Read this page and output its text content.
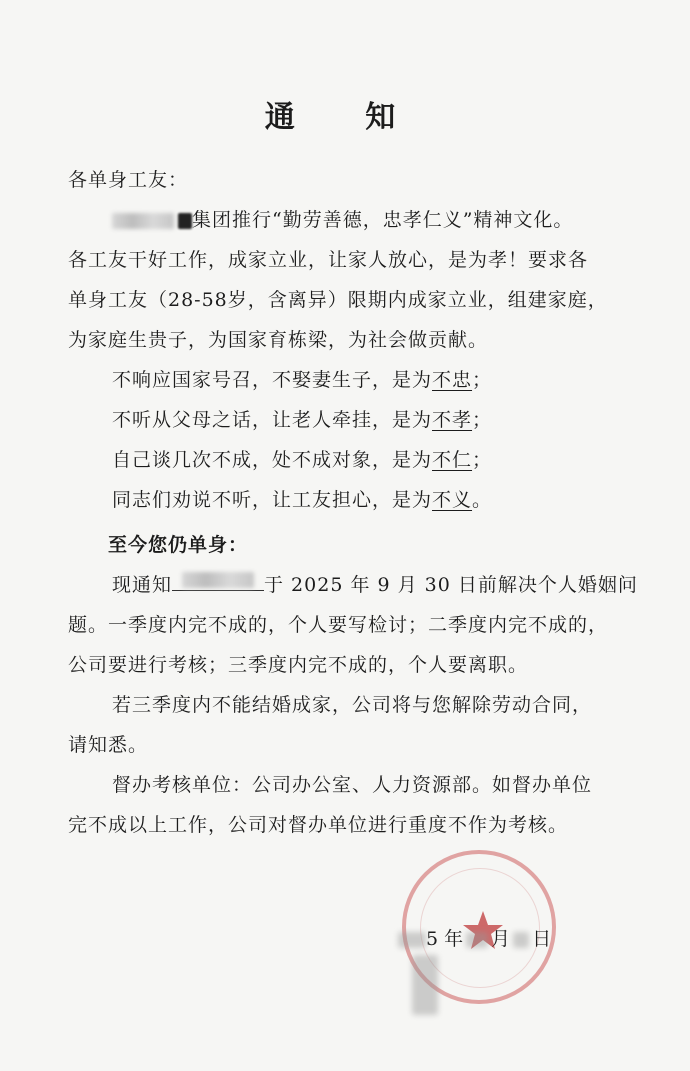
通 知
各单身工友：
集团推行“勤劳善德，忠孝仁义”精神文化。
各工友干好工作，成家立业，让家人放心，是为孝！要求各
单身工友（28-58岁，含离异）限期内成家立业，组建家庭，
为家庭生贵子，为国家育栋梁，为社会做贡献。
不响应国家号召，不娶妻生子，是为不忠；
不听从父母之话，让老人牵挂，是为不孝；
自己谈几次不成，处不成对象，是为不仁；
同志们劝说不听，让工友担心，是为不义。
至今您仍单身：
现通知	于 2025 年 9 月 30 日前解决个人婚姻问
题。一季度内完不成的，个人要写检讨；二季度内完不成的，
公司要进行考核；三季度内完不成的，个人要离职。
若三季度内不能结婚成家，公司将与您解除劳动合同，
请知悉。
督办考核单位：公司办公室、人力资源部。如督办单位
完不成以上工作，公司对督办单位进行重度不作为考核。
5 年 月 日
